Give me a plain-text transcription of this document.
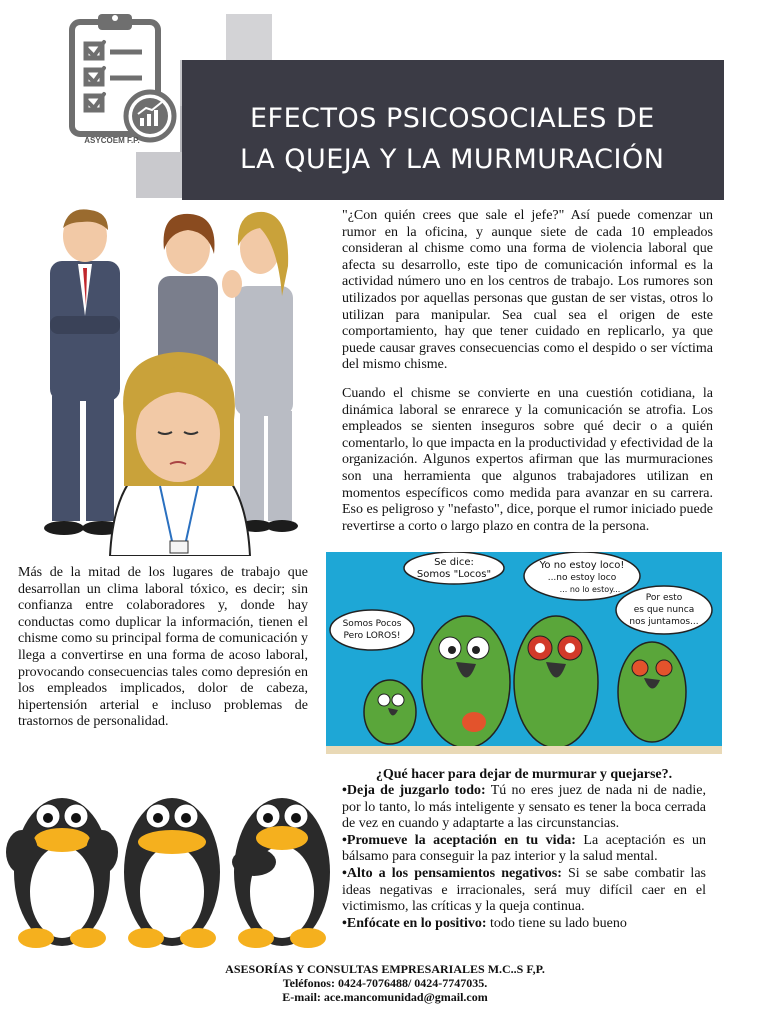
EFECTOS PSICOSOCIALES DE
LA QUEJA Y LA MURMURACIÓN
ASYCOEM F.P.

"¿Con quién crees que sale el jefe?" Así puede comenzar un rumor en la oficina, y aunque siete de cada 10 empleados consideran al chisme como una forma de violencia laboral que afecta su desarrollo, este tipo de comunicación informal es la actividad número uno en los centros de trabajo. Los rumores son utilizados por aquellas personas que gustan de ser vistas, otros lo utilizan para manipular. Sea cual sea el origen de este comportamiento, hay que tener cuidado en replicarlo, ya que puede causar graves consecuencias como el despido o ser víctima del mismo chisme.

Cuando el chisme se convierte en una cuestión cotidiana, la dinámica laboral se enrarece y la comunicación se atrofia. Los empleados se sienten inseguros sobre qué decir o a quién comentarlo, lo que impacta en la productividad y efectividad de la organización. Algunos expertos afirman que las murmuraciones son una herramienta que algunos trabajadores utilizan en momentos específicos como medida para avanzar en su carrera. Eso es peligroso y "nefasto", dice, porque el rumor iniciado puede revertirse a corto o largo plazo en contra de la persona.

Más de la mitad de los lugares de trabajo que desarrollan un clima laboral tóxico, es decir; sin confianza entre colaboradores y, donde hay conductas como duplicar la información, tienen el chisme como su principal forma de comunicación y llega a convertirse en una forma de acoso laboral, provocando consecuencias tales como depresión en los empleados implicados, dolor de cabeza, hipertensión arterial e incluso problemas de trastornos de personalidad.

Se dice:
Somos "Locos"
Yo no estoy loco!
...no estoy loco
... no lo estoy...
Somos Pocos
Pero LOROS!
Por esto
es que nunca
nos juntamos...
¿Qué hacer para dejar de murmurar y quejarse?.

•Deja de juzgarlo todo: Tú no eres juez de nada ni de nadie, por lo tanto, lo más inteligente y sensato es tener la boca cerrada de vez en cuando y adaptarte a las circunstancias.

•Promueve la aceptación en tu vida: La aceptación es un bálsamo para conseguir la paz interior y la salud mental.

•Alto a los pensamientos negativos: Si se sabe combatir las ideas negativas e irracionales, será muy difícil caer en el victimismo, las críticas y la queja continua.

•Enfócate en lo positivo: todo tiene su lado bueno

ASESORÍAS Y CONSULTAS EMPRESARIALES M.C..S F,P.
Teléfonos: 0424-7076488/ 0424-7747035.
E-mail: ace.mancomunidad@gmail.com
